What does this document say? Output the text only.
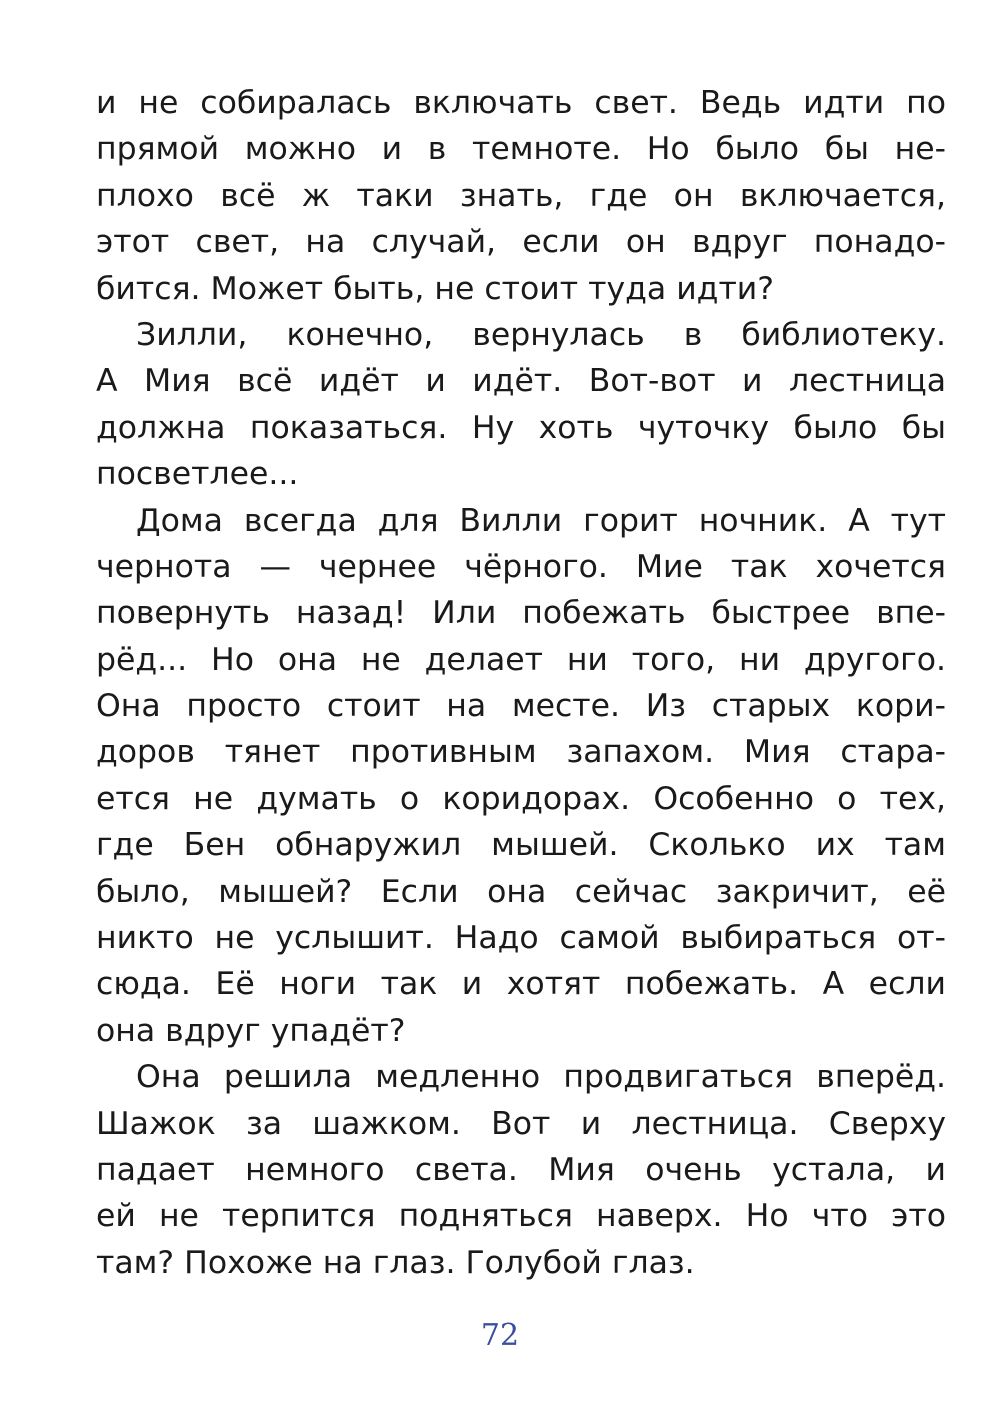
и не собиралась включать свет. Ведь идти по
прямой можно и в темноте. Но было бы не-
плохо всё ж таки знать, где он включается,
этот свет, на случай, если он вдруг понадо-
бится. Может быть, не стоит туда идти?
Зилли, конечно, вернулась в библиотеку.
А Мия всё идёт и идёт. Вот-вот и лестница
должна показаться. Ну хоть чуточку было бы
посветлее...
Дома всегда для Вилли горит ночник. А тут
чернота — чернее чёрного. Мие так хочется
повернуть назад! Или побежать быстрее впе-
рёд... Но она не делает ни того, ни другого.
Она просто стоит на месте. Из старых кори-
доров тянет противным запахом. Мия стара-
ется не думать о коридорах. Особенно о тех,
где Бен обнаружил мышей. Сколько их там
было, мышей? Если она сейчас закричит, её
никто не услышит. Надо самой выбираться от-
сюда. Её ноги так и хотят побежать. А если
она вдруг упадёт?
Она решила медленно продвигаться вперёд.
Шажок за шажком. Вот и лестница. Сверху
падает немного света. Мия очень устала, и
ей не терпится подняться наверх. Но что это
там? Похоже на глаз. Голубой глаз.
72
